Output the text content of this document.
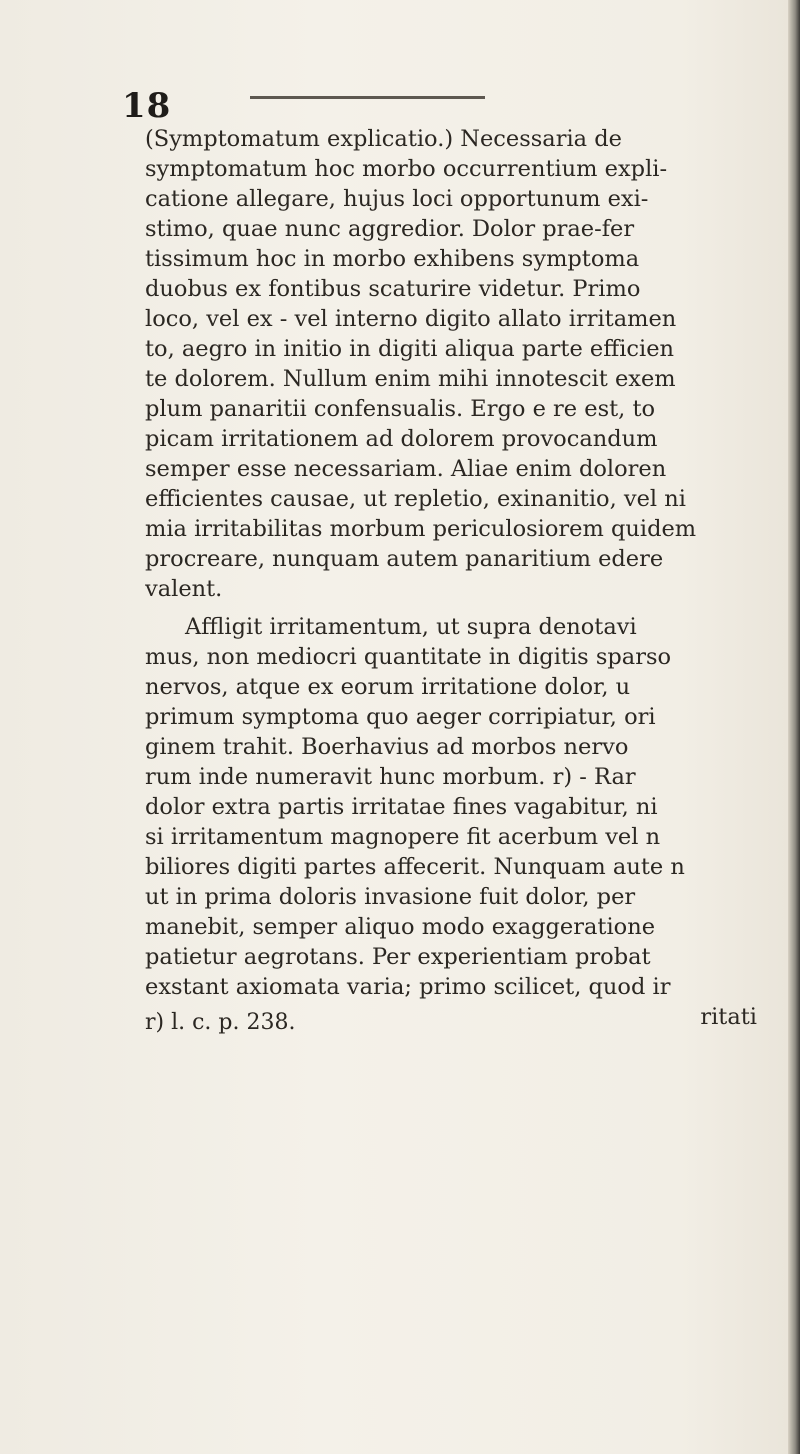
18
(Symptomatum explicatio.) Necessaria de
symptomatum hoc morbo occurrentium expli-
catione allegare, hujus loci opportunum exi-
stimo, quae nunc aggredior. Dolor prae-fer
tissimum hoc in morbo exhibens symptoma
duobus ex fontibus scaturire videtur. Primo
loco, vel ex - vel interno digito allato irritamen
to, aegro in initio in digiti aliqua parte efficien
te dolorem. Nullum enim mihi innotescit exem
plum panaritii confensualis. Ergo e re est, to
picam irritationem ad dolorem provocandum
semper esse necessariam. Aliae enim doloren
efficientes causae, ut repletio, exinanitio, vel ni
mia irritabilitas morbum periculosiorem quidem
procreare, nunquam autem panaritium edere
valent.
Affligit irritamentum, ut supra denotavi
mus, non mediocri quantitate in digitis sparso
nervos, atque ex eorum irritatione dolor, u
primum symptoma quo aeger corripiatur, ori
ginem trahit. Boerhavius ad morbos nervo
rum inde numeravit hunc morbum. r) - Rar
dolor extra partis irritatae fines vagabitur, ni
si irritamentum magnopere fit acerbum vel n
biliores digiti partes affecerit. Nunquam aute n
ut in prima doloris invasione fuit dolor, per
manebit, semper aliquo modo exaggeratione
patietur aegrotans. Per experientiam probat
exstant axiomata varia; primo scilicet, quod ir
ritati
r) l. c. p. 238.
